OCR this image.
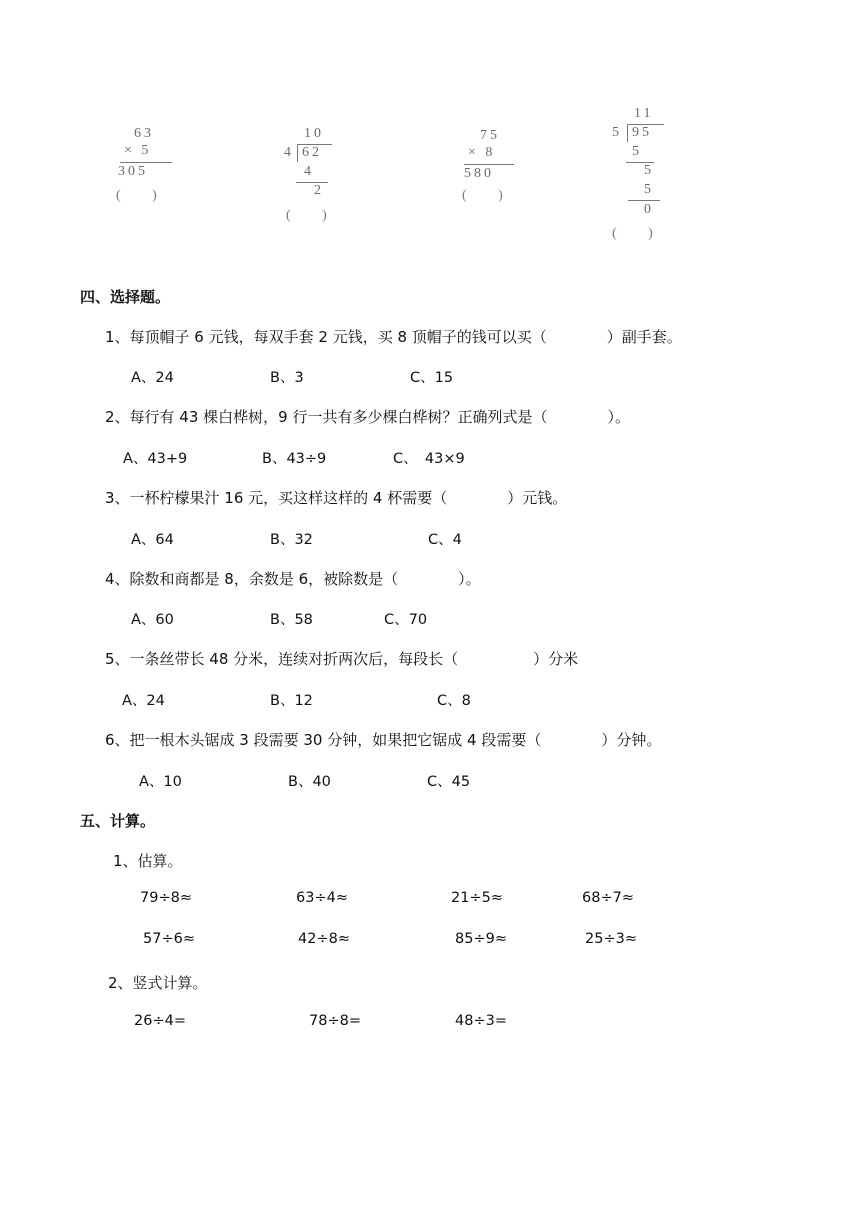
63
× 5
305
( )
10
4 62
4
2
( )
75
× 8
580
( )
11
5 95
5
5
5
0
( )
四、选择题。
1、每顶帽子 6 元钱，每双手套 2 元钱，买 8 顶帽子的钱可以买（　　　　）副手套。
A、24	B、3	C、15
2、每行有 43 棵白桦树，9 行一共有多少棵白桦树？正确列式是（　　　　）。
A、43+9	B、43÷9	C、　43×9
3、一杯柠檬果汁 16 元，买这样这样的 4 杯需要（　　　　）元钱。
A、64	B、32	C、4
4、除数和商都是 8，余数是 6，被除数是（　　　　）。
A、60	B、58	C、70
5、一条丝带长 48 分米，连续对折两次后，每段长（　　　　　）分米
A、24	B、12	C、8
6、把一根木头锯成 3 段需要 30 分钟，如果把它锯成 4 段需要（　　　　）分钟。
A、10	B、40	C、45
五、计算。
1、估算。
79÷8≈	63÷4≈	21÷5≈	68÷7≈
57÷6≈	42÷8≈	85÷9≈	25÷3≈
2、竖式计算。
26÷4=	78÷8=	48÷3=
